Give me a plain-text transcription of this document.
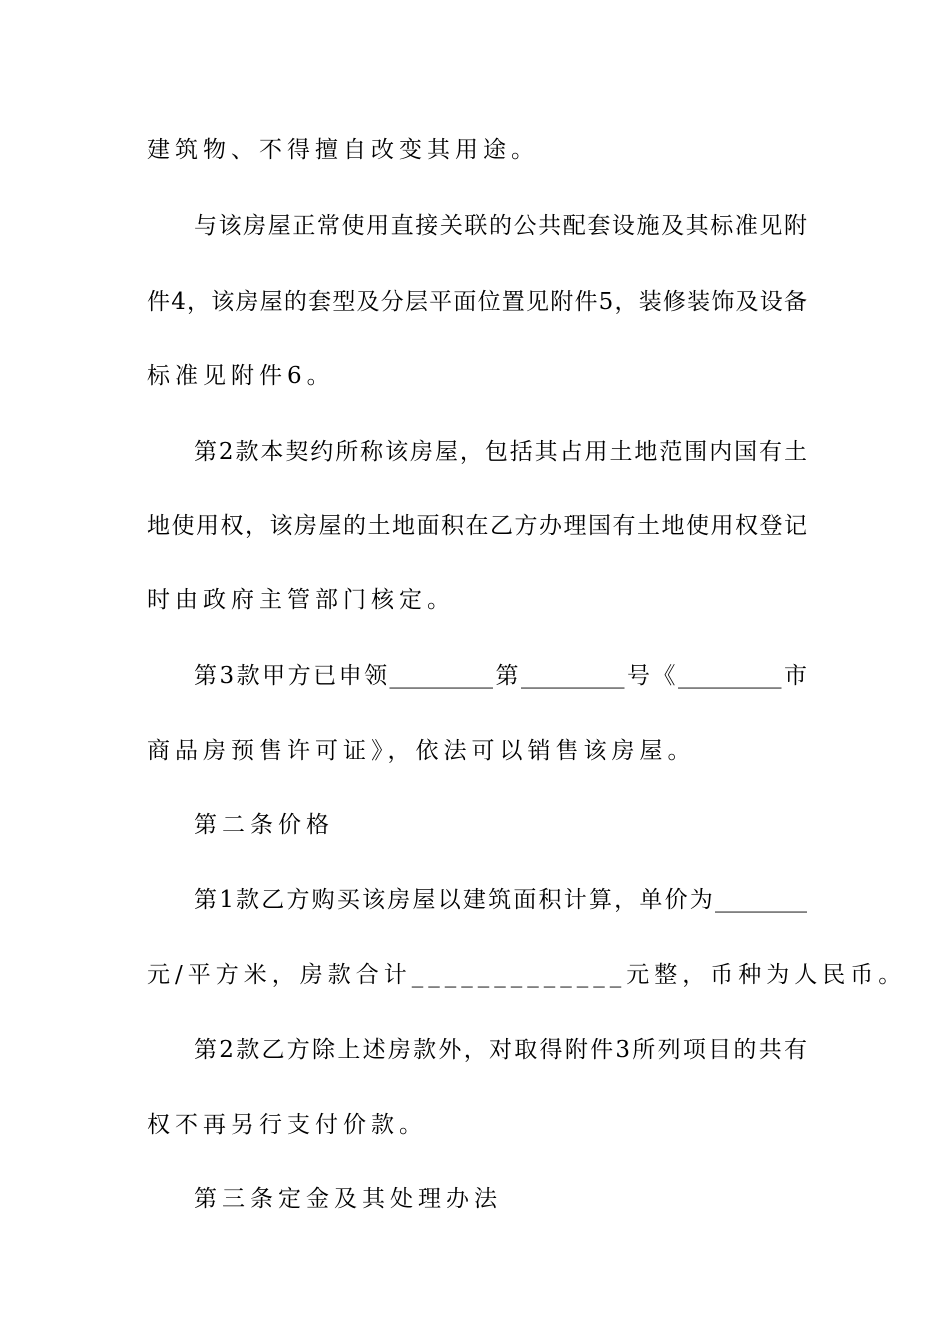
建筑物、不得擅自改变其用途。
与该房屋正常使用直接关联的公共配套设施及其标准见附
件4，该房屋的套型及分层平面位置见附件5，装修装饰及设备
标准见附件6。
第2款本契约所称该房屋，包括其占用土地范围内国有土
地使用权，该房屋的土地面积在乙方办理国有土地使用权登记
时由政府主管部门核定。
第3款甲方已申领_________第_________号《_________市
商品房预售许可证》，依法可以销售该房屋。
第二条价格
第1款乙方购买该房屋以建筑面积计算，单价为________
元/平方米，房款合计_____________元整，币种为人民币。
第2款乙方除上述房款外，对取得附件3所列项目的共有
权不再另行支付价款。
第三条定金及其处理办法
